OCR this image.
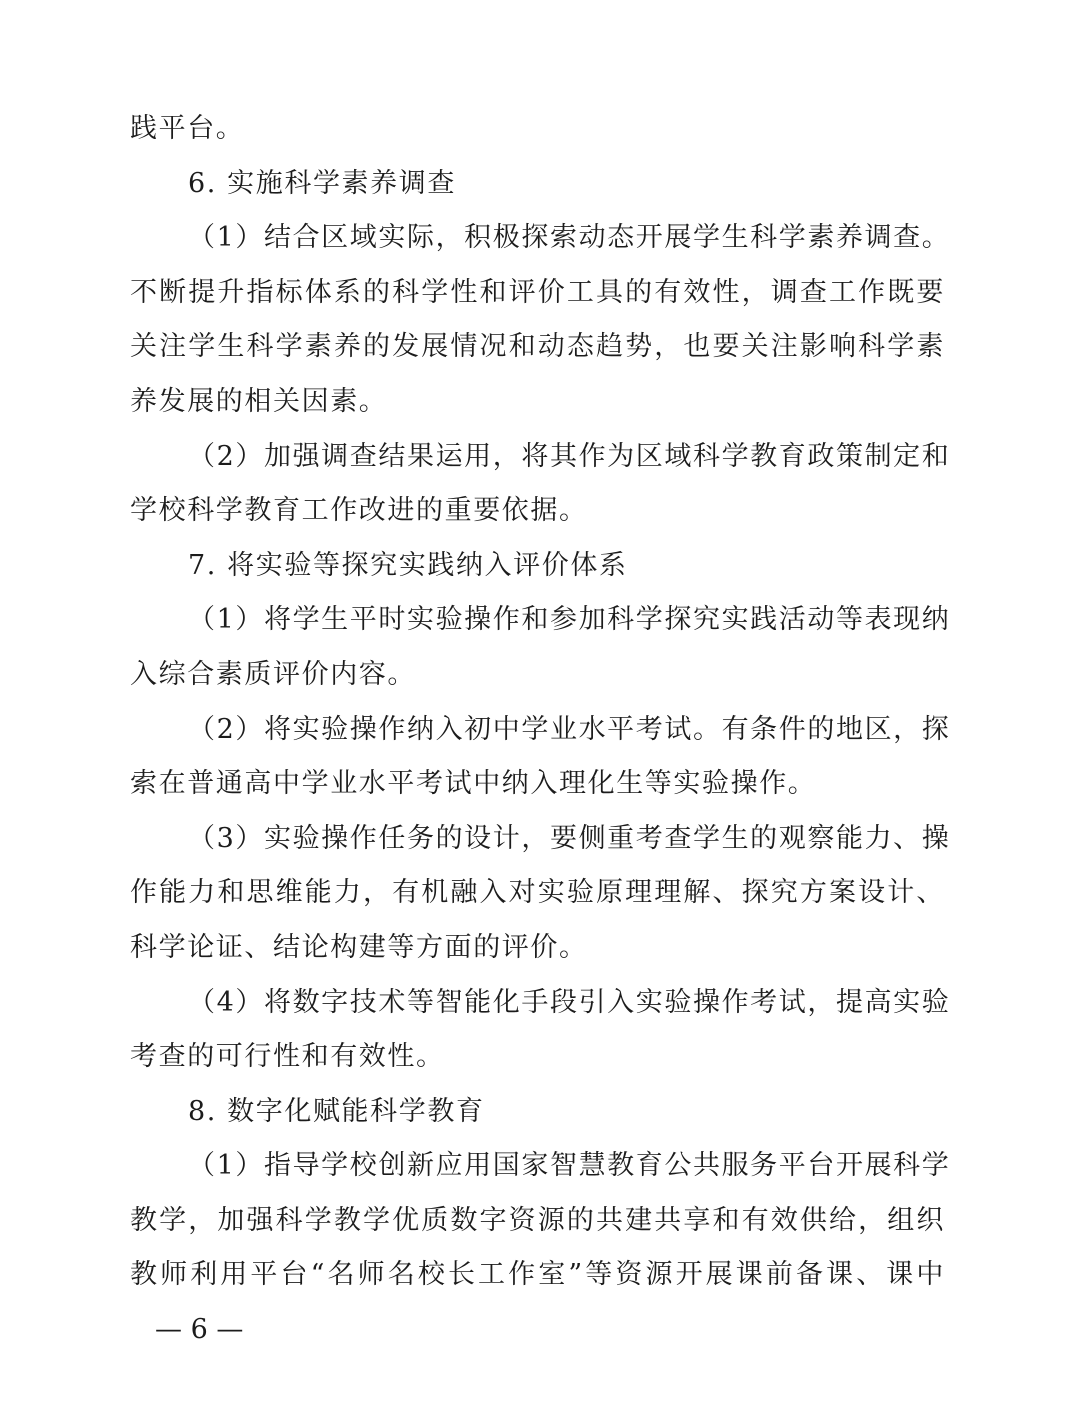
践平台。
6. 实施科学素养调查
（1）结合区域实际，积极探索动态开展学生科学素养调查。
不断提升指标体系的科学性和评价工具的有效性，调查工作既要
关注学生科学素养的发展情况和动态趋势，也要关注影响科学素
养发展的相关因素。
（2）加强调查结果运用，将其作为区域科学教育政策制定和
学校科学教育工作改进的重要依据。
7. 将实验等探究实践纳入评价体系
（1）将学生平时实验操作和参加科学探究实践活动等表现纳
入综合素质评价内容。
（2）将实验操作纳入初中学业水平考试。有条件的地区，探
索在普通高中学业水平考试中纳入理化生等实验操作。
（3）实验操作任务的设计，要侧重考查学生的观察能力、操
作能力和思维能力，有机融入对实验原理理解、探究方案设计、
科学论证、结论构建等方面的评价。
（4）将数字技术等智能化手段引入实验操作考试，提高实验
考查的可行性和有效性。
8. 数字化赋能科学教育
（1）指导学校创新应用国家智慧教育公共服务平台开展科学
教学，加强科学教学优质数字资源的共建共享和有效供给，组织
教师利用平台“名师名校长工作室”等资源开展课前备课、课中
— 6 —
